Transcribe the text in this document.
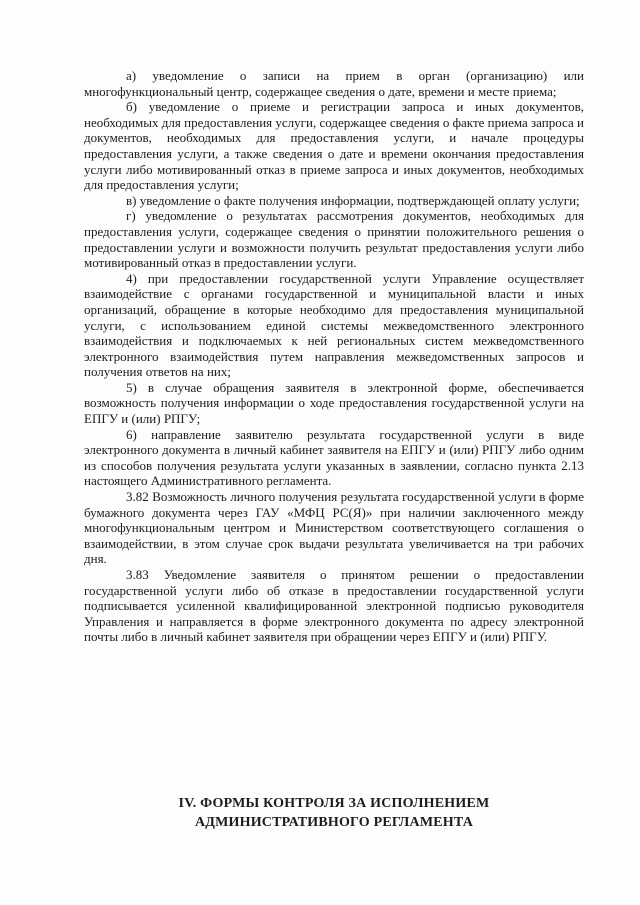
а) уведомление о записи на прием в орган (организацию) или многофункциональный центр, содержащее сведения о дате, времени и месте приема;

б) уведомление о приеме и регистрации запроса и иных документов, необходимых для предоставления услуги, содержащее сведения о факте приема запроса и документов, необходимых для предоставления услуги, и начале процедуры предоставления услуги, а также сведения о дате и времени окончания предоставления услуги либо мотивированный отказ в приеме запроса и иных документов, необходимых для предоставления услуги;

в) уведомление о факте получения информации, подтверждающей оплату услуги;

г) уведомление о результатах рассмотрения документов, необходимых для предоставления услуги, содержащее сведения о принятии положительного решения о предоставлении услуги и возможности получить результат предоставления услуги либо мотивированный отказ в предоставлении услуги.

4) при предоставлении государственной услуги Управление осуществляет взаимодействие с органами государственной и муниципальной власти и иных организаций, обращение в которые необходимо для предоставления муниципальной услуги, с использованием единой системы межведомственного электронного взаимодействия и подключаемых к ней региональных систем межведомственного электронного взаимодействия путем направления межведомственных запросов и получения ответов на них;

5) в случае обращения заявителя в электронной форме, обеспечивается возможность получения информации о ходе предоставления государственной услуги на ЕПГУ и (или) РПГУ;

6) направление заявителю результата государственной услуги в виде электронного документа в личный кабинет заявителя на ЕПГУ и (или) РПГУ либо одним из способов получения результата услуги указанных в заявлении, согласно пункта 2.13 настоящего Административного регламента.

3.82 Возможность личного получения результата государственной услуги в форме бумажного документа через ГАУ «МФЦ РС(Я)» при наличии заключенного между многофункциональным центром и Министерством соответствующего соглашения о взаимодействии, в этом случае срок выдачи результата увеличивается на три рабочих дня.

3.83 Уведомление заявителя о принятом решении о предоставлении государственной услуги либо об отказе в предоставлении государственной услуги подписывается усиленной квалифицированной электронной подписью руководителя Управления и направляется в форме электронного документа по адресу электронной почты либо в личный кабинет заявителя при обращении через ЕПГУ и (или) РПГУ.

IV. ФОРМЫ КОНТРОЛЯ ЗА ИСПОЛНЕНИЕМ
АДМИНИСТРАТИВНОГО РЕГЛАМЕНТА
